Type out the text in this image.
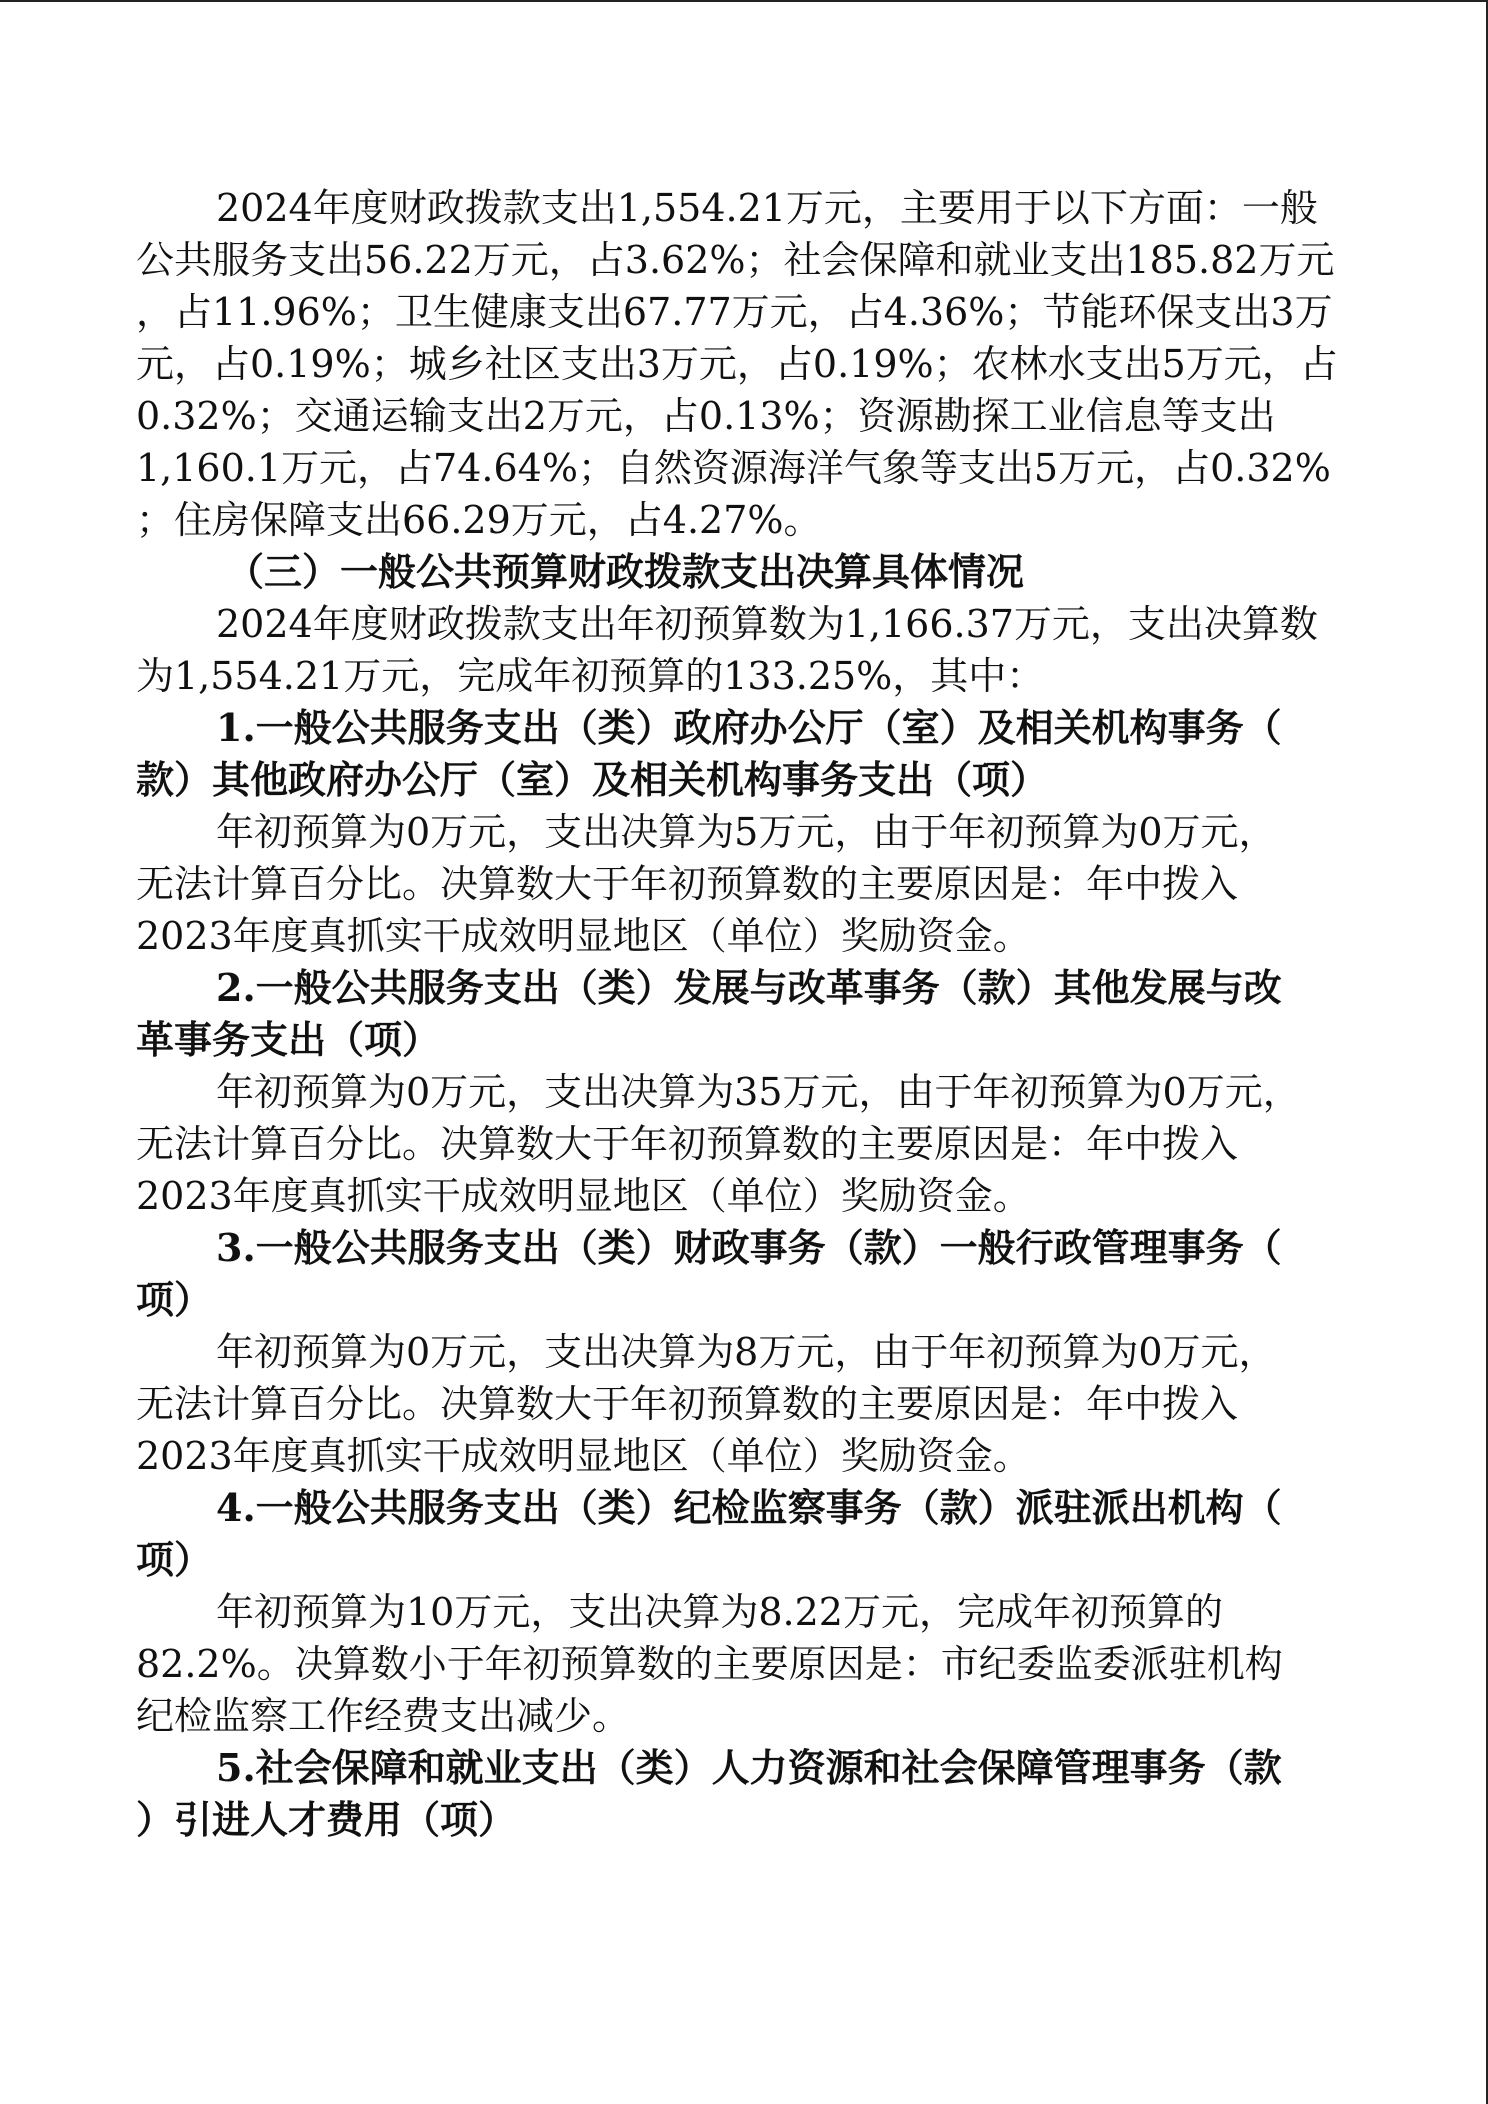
2024年度财政拨款支出1,554.21万元，主要用于以下方面：一般
公共服务支出56.22万元，占3.62%；社会保障和就业支出185.82万元
，占11.96%；卫生健康支出67.77万元，占4.36%；节能环保支出3万
元，占0.19%；城乡社区支出3万元，占0.19%；农林水支出5万元，占
0.32%；交通运输支出2万元，占0.13%；资源勘探工业信息等支出
1,160.1万元，占74.64%；自然资源海洋气象等支出5万元，占0.32%
；住房保障支出66.29万元，占4.27%。
（三）一般公共预算财政拨款支出决算具体情况
2024年度财政拨款支出年初预算数为1,166.37万元，支出决算数
为1,554.21万元，完成年初预算的133.25%，其中：
1.一般公共服务支出（类）政府办公厅（室）及相关机构事务（
款）其他政府办公厅（室）及相关机构事务支出（项）
年初预算为0万元，支出决算为5万元，由于年初预算为0万元，
无法计算百分比。决算数大于年初预算数的主要原因是：年中拨入
2023年度真抓实干成效明显地区（单位）奖励资金。
2.一般公共服务支出（类）发展与改革事务（款）其他发展与改
革事务支出（项）
年初预算为0万元，支出决算为35万元，由于年初预算为0万元，
无法计算百分比。决算数大于年初预算数的主要原因是：年中拨入
2023年度真抓实干成效明显地区（单位）奖励资金。
3.一般公共服务支出（类）财政事务（款）一般行政管理事务（
项）
年初预算为0万元，支出决算为8万元，由于年初预算为0万元，
无法计算百分比。决算数大于年初预算数的主要原因是：年中拨入
2023年度真抓实干成效明显地区（单位）奖励资金。
4.一般公共服务支出（类）纪检监察事务（款）派驻派出机构（
项）
年初预算为10万元，支出决算为8.22万元，完成年初预算的
82.2%。决算数小于年初预算数的主要原因是：市纪委监委派驻机构
纪检监察工作经费支出减少。
5.社会保障和就业支出（类）人力资源和社会保障管理事务（款
）引进人才费用（项）
